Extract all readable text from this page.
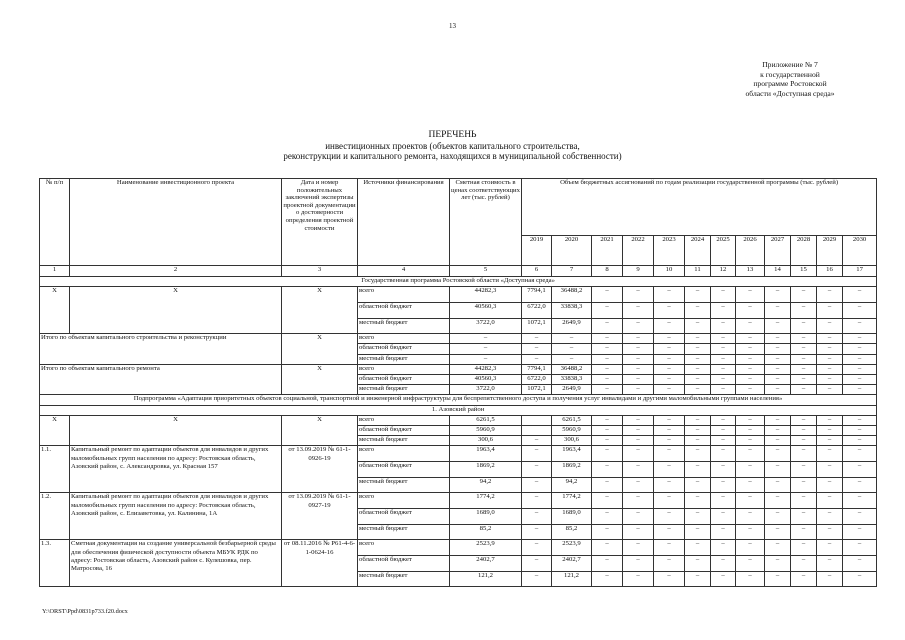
13
Приложение № 7
к государственной
программе Ростовской
области «Доступная среда»
ПЕРЕЧЕНЬ
инвестиционных проектов (объектов капитального строительства,
реконструкции и капитального ремонта, находящихся в муниципальной собственности)
№ п/п	Наименование инвестиционного проекта	Дата и номер положительных заключений экспертизы проектной документации о достоверности определения проектной стоимости	Источники финансирования	Сметная стоимость в ценах соответствующих лет (тыс. рублей)	Объем бюджетных ассигнований по годам реализации государственной программы (тыс. рублей)											
					2019	2020	2021	2022	2023	2024	2025	2026	2027	2028	2029	2030
1	2	3	4	5	6	7	8	9	10	11	12	13	14	15	16	17
Государственная программа Ростовской области «Доступная среда»																
X	X	X	всего	44282,3	7794,1	36488,2	–	–	–	–	–	–	–	–	–	–
			областной бюджет	40560,3	6722,0	33838,3	–	–	–	–	–	–	–	–	–	–
			местный бюджет	3722,0	1072,1	2649,9	–	–	–	–	–	–	–	–	–	–
Итого по объектам капитального строительства и реконструкции		X	всего	–	–	–	–	–	–	–	–	–	–	–	–	–
			областной бюджет	–	–	–	–	–	–	–	–	–	–	–	–	–
			местный бюджет	–	–	–	–	–	–	–	–	–	–	–	–	–
Итого по объектам капитального ремонта		X	всего	44282,3	7794,1	36488,2	–	–	–	–	–	–	–	–	–	–
			областной бюджет	40560,3	6722,0	33838,3	–	–	–	–	–	–	–	–	–	–
			местный бюджет	3722,0	1072,1	2649,9	–	–	–	–	–	–	–	–	–	–
Подпрограмма «Адаптация приоритетных объектов социальной, транспортной и инженерной инфраструктуры для беспрепятственного доступа и получения услуг инвалидами и другими маломобильными группами населения»																
1. Азовский район																
X	X	X	всего	6261,5		6261,5	–	–	–	–	–	–	–	–	–	–
			областной бюджет	5960,9		5960,9	–	–	–	–	–	–	–	–	–	–
			местный бюджет	300,6	–	300,6	–	–	–	–	–	–	–	–	–	–
1.1.	Капитальный ремонт по адаптации объектов для инвалидов и других маломобильных групп населения по адресу: Ростовская область, Азовский район, с. Александровка, ул. Красная 157	от 13.09.2019 № 61-1-0926-19	всего	1963,4	–	1963,4	–	–	–	–	–	–	–	–	–	–
			областной бюджет	1869,2	–	1869,2	–	–	–	–	–	–	–	–	–	–
			местный бюджет	94,2	–	94,2	–	–	–	–	–	–	–	–	–	–
1.2.	Капитальный ремонт по адаптации объектов для инвалидов и других маломобильных групп населения по адресу: Ростовская область, Азовский район, с. Елизаветовка, ул. Калинина, 1А	от 13.09.2019 № 61-1-0927-19	всего	1774,2	–	1774,2	–	–	–	–	–	–	–	–	–	–
			областной бюджет	1689,0	–	1689,0	–	–	–	–	–	–	–	–	–	–
			местный бюджет	85,2	–	85,2	–	–	–	–	–	–	–	–	–	–
1.3.	Сметная документация на создание универсальной безбарьерной среды для обеспечения физической доступности объекта МБУК РДК по адресу: Ростовская область, Азовский район с. Кулешовка, пер. Матросова, 16	от 08.11.2016 № Р61-4-6-1-0624-16	всего	2523,9	–	2523,9	–	–	–	–	–	–	–	–	–	–
			областной бюджет	2402,7	–	2402,7	–	–	–	–	–	–	–	–	–	–
			местный бюджет	121,2	–	121,2	–	–	–	–	–	–	–	–	–	–
Y:\ORST\Ppd\0831p733.f20.docx
